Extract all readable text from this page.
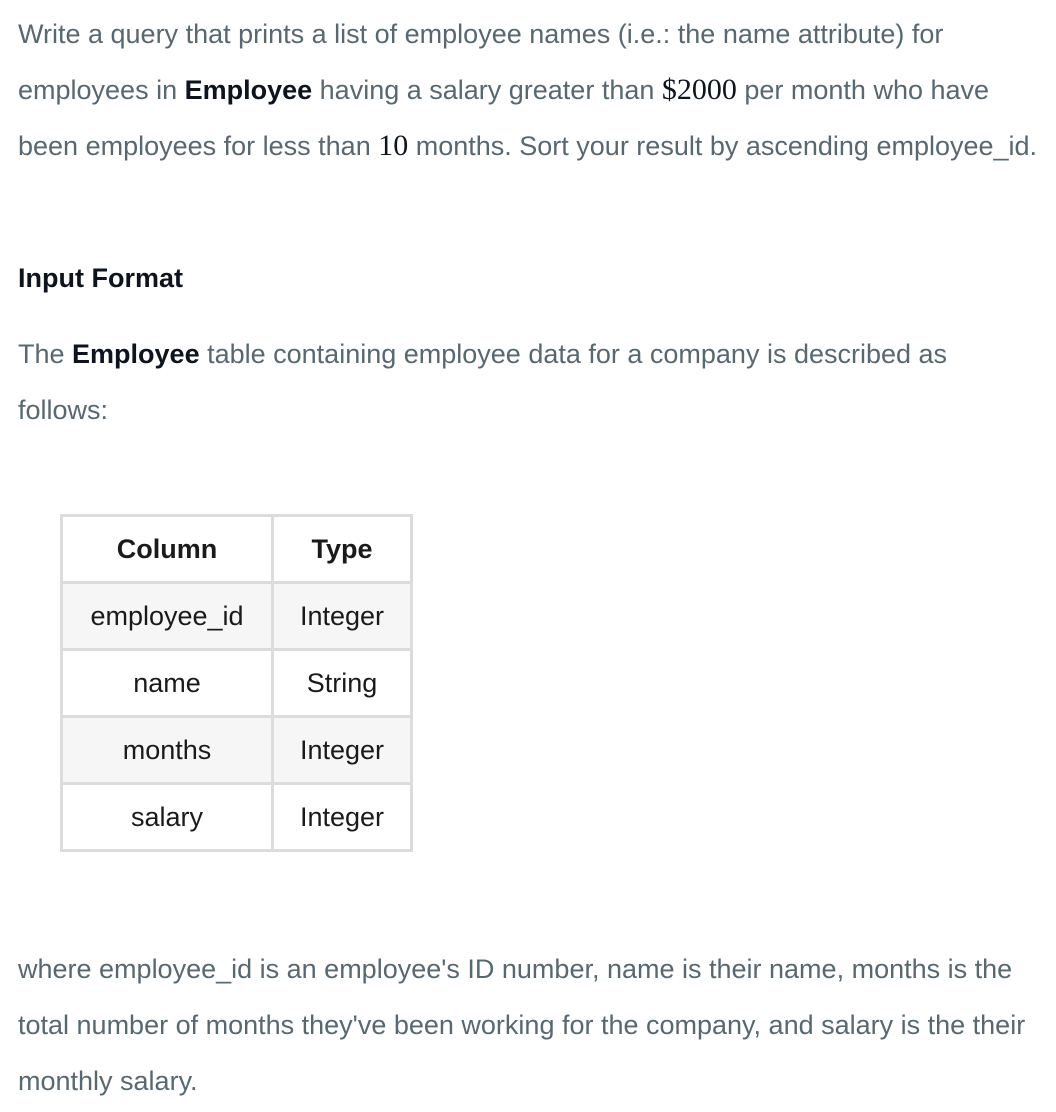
Write a query that prints a list of employee names (i.e.: the name attribute) for employees in Employee having a salary greater than $2000 per month who have been employees for less than 10 months. Sort your result by ascending employee_id.

Input Format

The Employee table containing employee data for a company is described as follows:

Column	Type
employee_id	Integer
name	String
months	Integer
salary	Integer

where employee_id is an employee's ID number, name is their name, months is the total number of months they've been working for the company, and salary is the their monthly salary.
